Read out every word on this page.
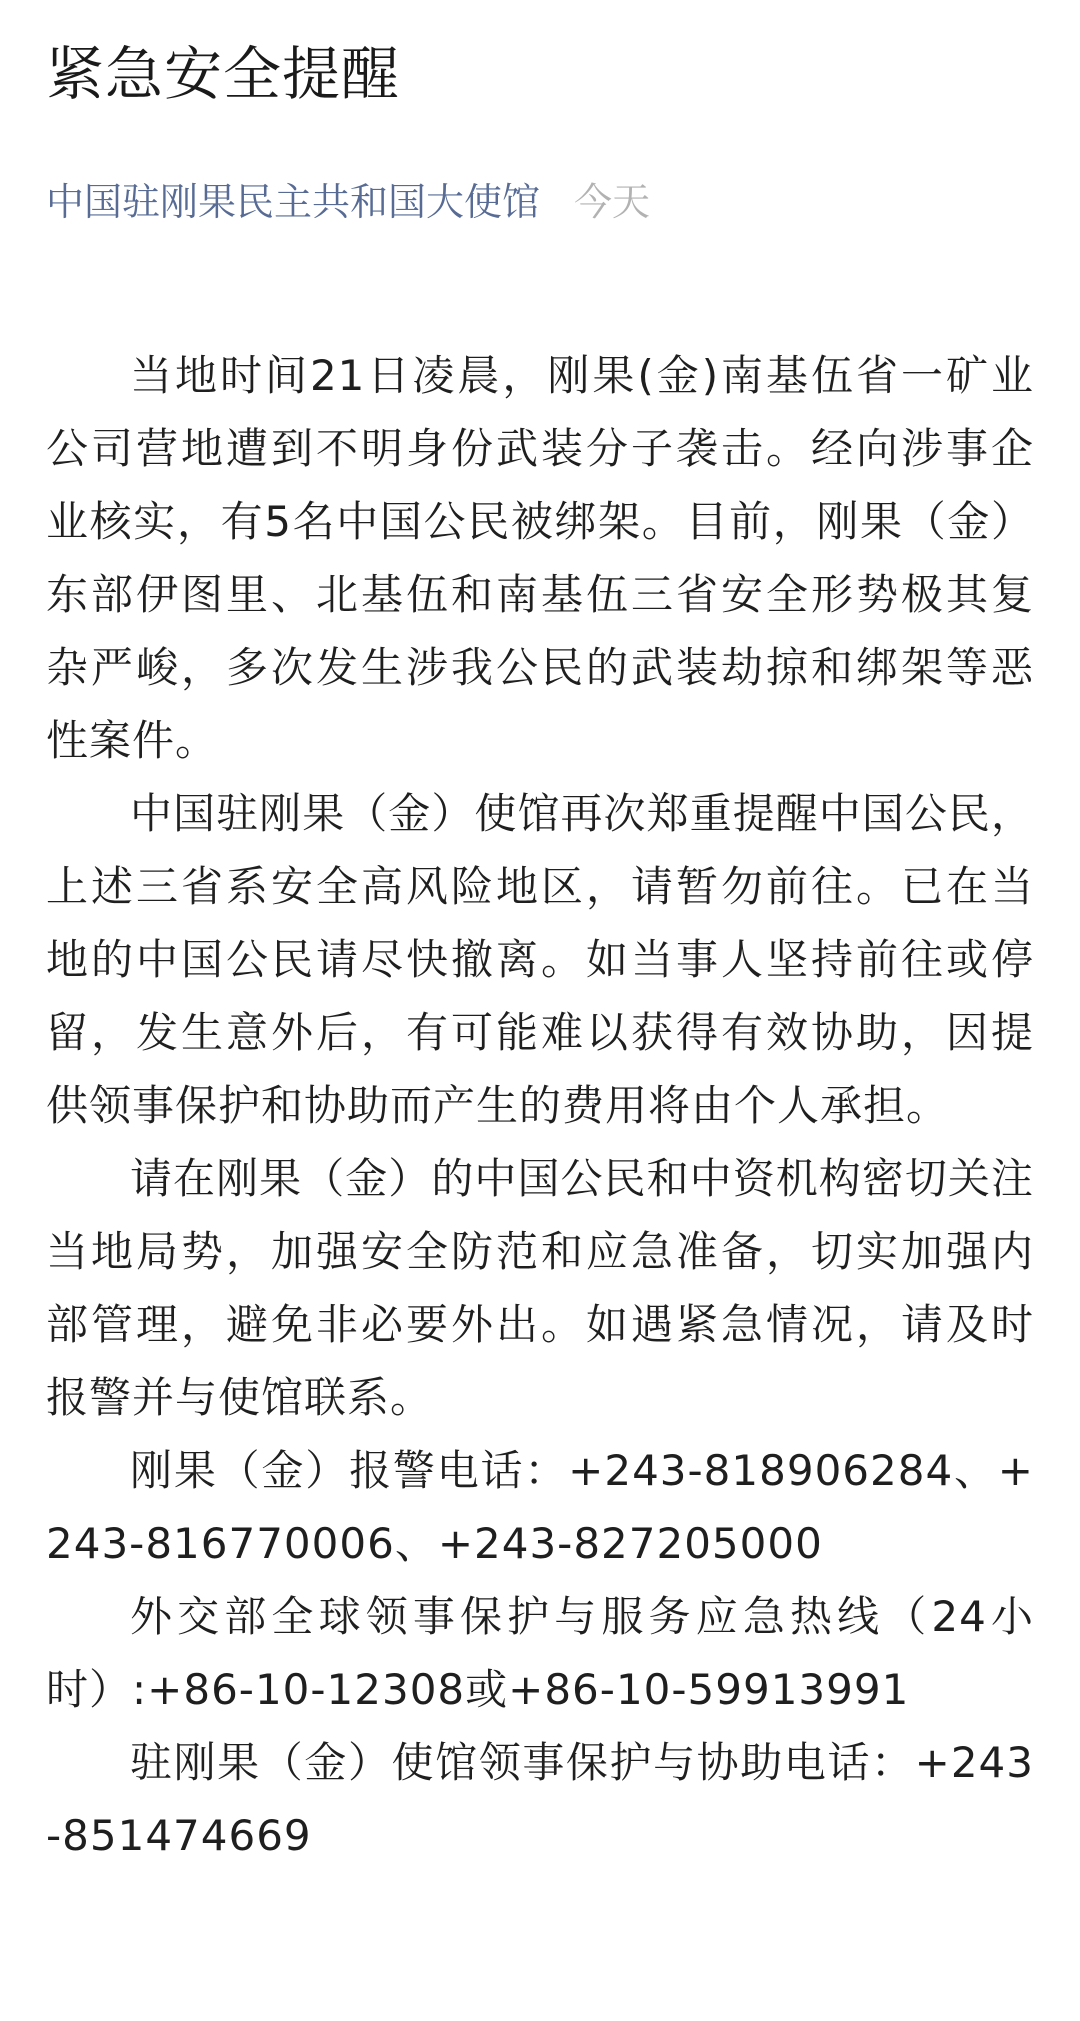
紧急安全提醒
中国驻刚果民主共和国大使馆 今天

当地时间21日凌晨，刚果(金)南基伍省一矿业公司营地遭到不明身份武装分子袭击。经向涉事企业核实，有5名中国公民被绑架。目前，刚果（金）东部伊图里、北基伍和南基伍三省安全形势极其复杂严峻，多次发生涉我公民的武装劫掠和绑架等恶性案件。

中国驻刚果（金）使馆再次郑重提醒中国公民，上述三省系安全高风险地区，请暂勿前往。已在当地的中国公民请尽快撤离。如当事人坚持前往或停留，发生意外后，有可能难以获得有效协助，因提供领事保护和协助而产生的费用将由个人承担。

请在刚果（金）的中国公民和中资机构密切关注当地局势，加强安全防范和应急准备，切实加强内部管理，避免非必要外出。如遇紧急情况，请及时报警并与使馆联系。

刚果（金）报警电话：+243-818906284、+243-816770006、+243-827205000

外交部全球领事保护与服务应急热线（24小时）:+86-10-12308或+86-10-59913991

驻刚果（金）使馆领事保护与协助电话：+243-851474669
